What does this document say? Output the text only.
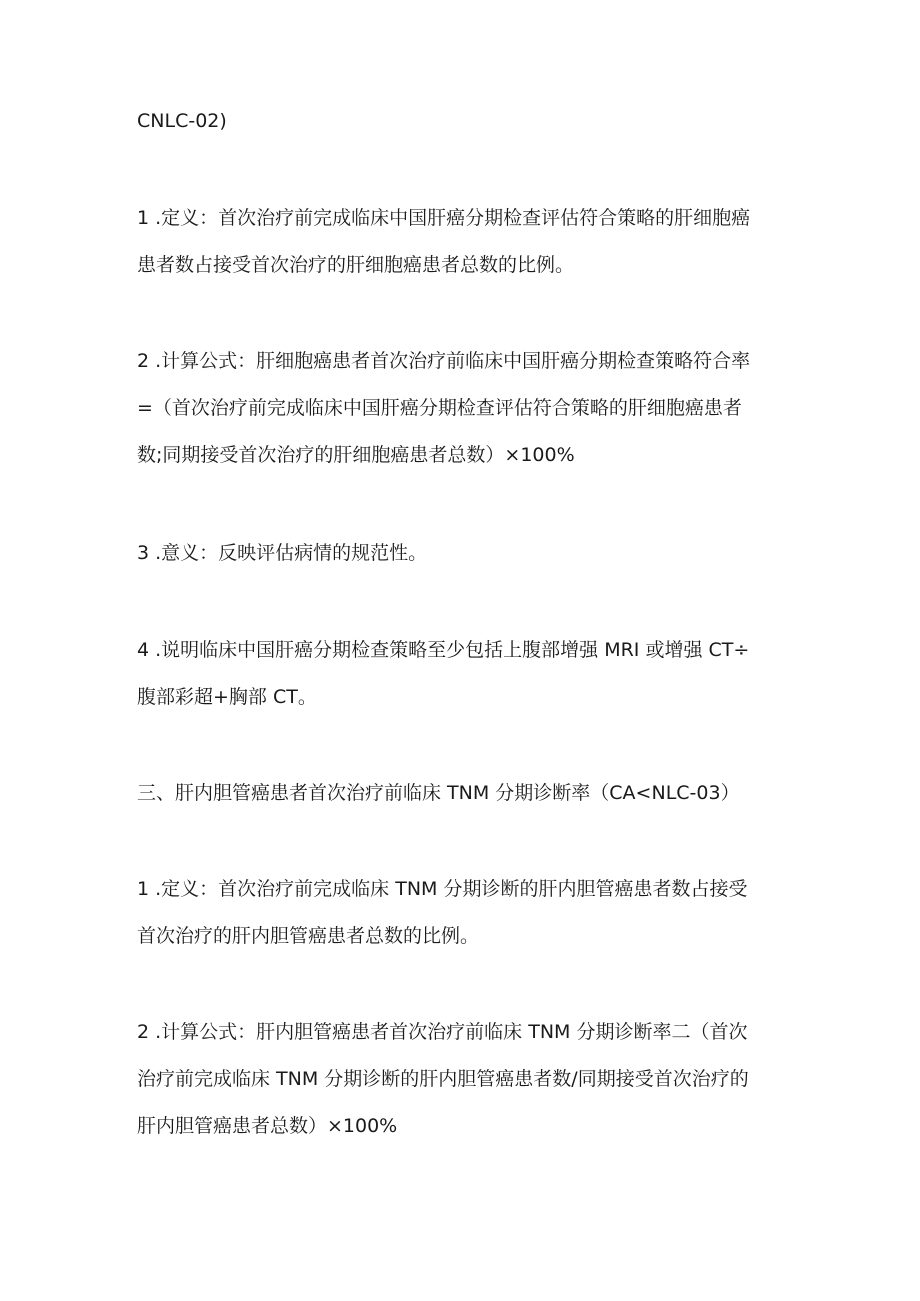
CNLC-02)

1 .定义：首次治疗前完成临床中国肝癌分期检查评估符合策略的肝细胞癌
患者数占接受首次治疗的肝细胞癌患者总数的比例。

2 .计算公式：肝细胞癌患者首次治疗前临床中国肝癌分期检查策略符合率
=（首次治疗前完成临床中国肝癌分期检查评估符合策略的肝细胞癌患者
数;同期接受首次治疗的肝细胞癌患者总数）×100%

3 .意义：反映评估病情的规范性。

4 .说明临床中国肝癌分期检查策略至少包括上腹部增强 MRI 或增强 CT÷
腹部彩超+胸部 CT。

三、肝内胆管癌患者首次治疗前临床 TNM 分期诊断率（CA<NLC-03）

1 .定义：首次治疗前完成临床 TNM 分期诊断的肝内胆管癌患者数占接受
首次治疗的肝内胆管癌患者总数的比例。

2 .计算公式：肝内胆管癌患者首次治疗前临床 TNM 分期诊断率二（首次
治疗前完成临床 TNM 分期诊断的肝内胆管癌患者数/同期接受首次治疗的
肝内胆管癌患者总数）×100%
